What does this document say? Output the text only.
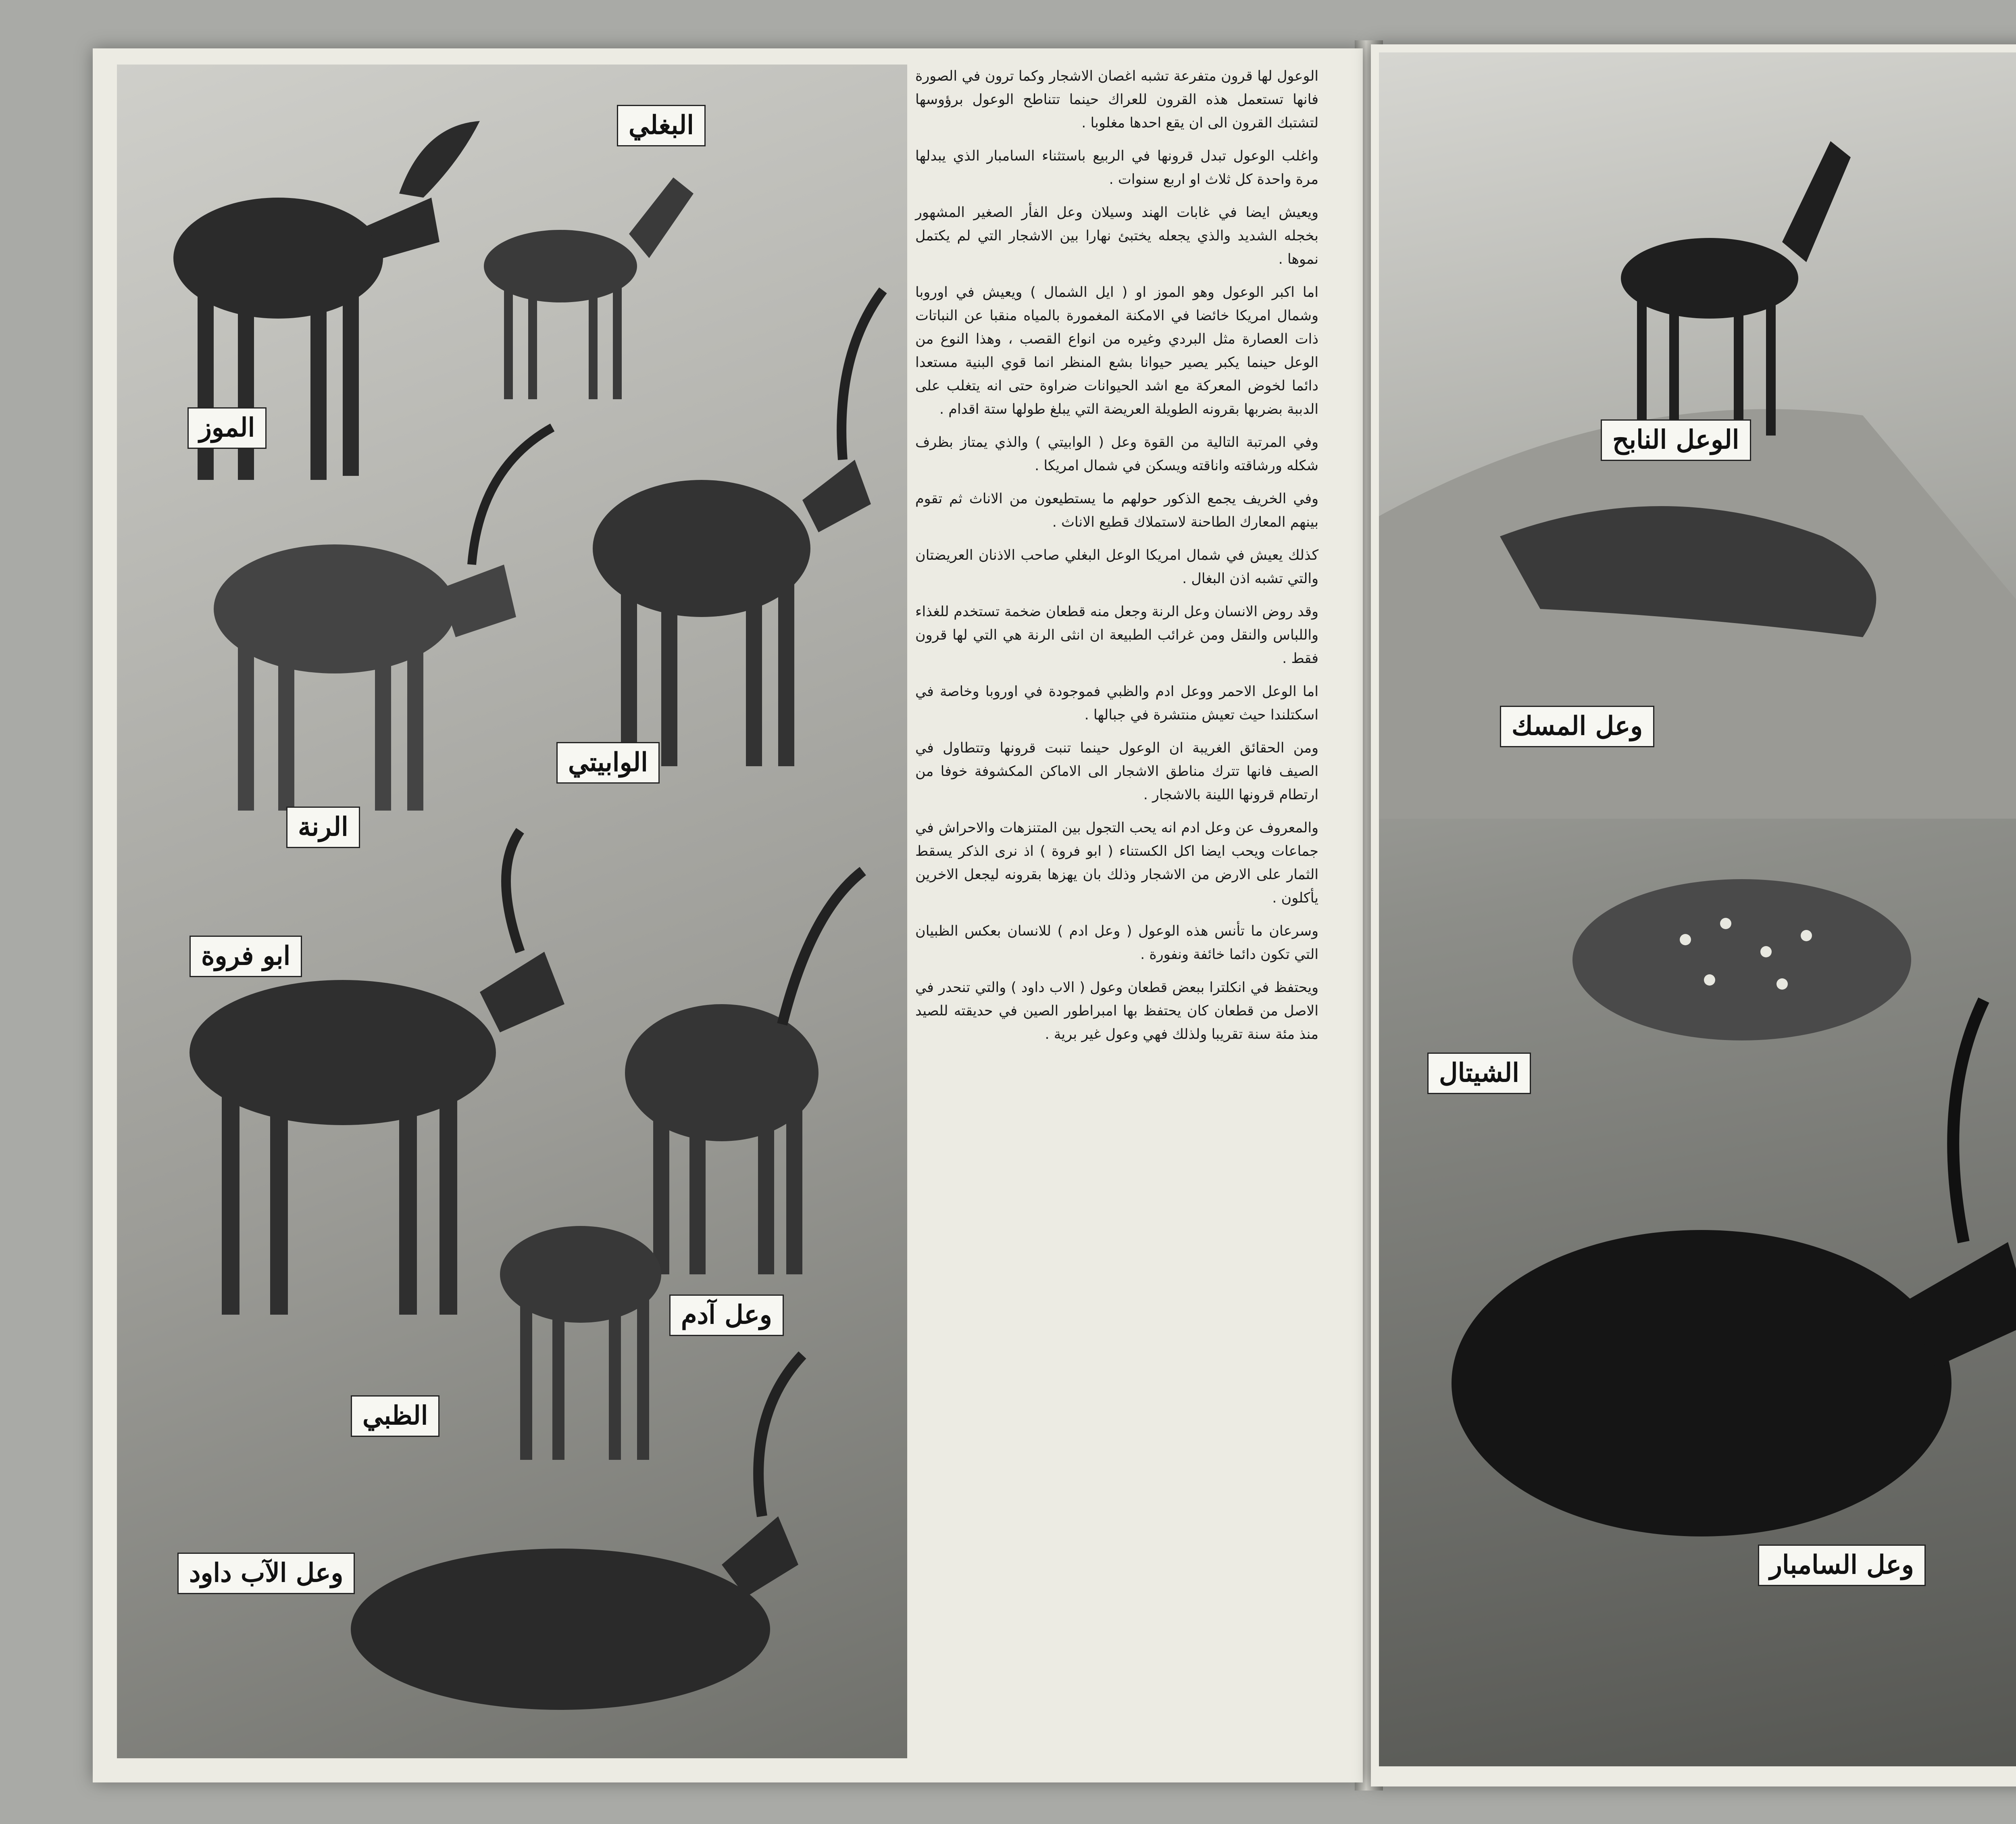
البغلي
الموز
الوابيتي
الرنة
ابو فروة
وعل آدم
الظبي
وعل الآب داود

الوعول لها قرون متفرعة تشبه اغصان الاشجار وكما ترون في الصورة فانها تستعمل هذه القرون للعراك حينما تتناطح الوعول برؤوسها لتشتبك القرون الى ان يقع احدها مغلوبا .

واغلب الوعول تبدل قرونها في الربيع باستثناء السامبار الذي يبدلها مرة واحدة كل ثلاث او اربع سنوات .

ويعيش ايضا في غابات الهند وسيلان وعل الفأر الصغير المشهور بخجله الشديد والذي يجعله يختبئ نهارا بين الاشجار التي لم يكتمل نموها .

اما اكبر الوعول وهو الموز او ( ايل الشمال ) ويعيش في اوروبا وشمال امريكا خائضا في الامكنة المغمورة بالمياه منقبا عن النباتات ذات العصارة مثل البردي وغيره من انواع القصب ، وهذا النوع من الوعل حينما يكبر يصير حيوانا بشع المنظر انما قوي البنية مستعدا دائما لخوض المعركة مع اشد الحيوانات ضراوة حتى انه يتغلب على الدببة بضربها بقرونه الطويلة العريضة التي يبلغ طولها ستة اقدام .

وفي المرتبة التالية من القوة وعل ( الوابيتي ) والذي يمتاز بظرف شكله ورشاقته واناقته ويسكن في شمال امريكا .

وفي الخريف يجمع الذكور حولهم ما يستطيعون من الاناث ثم تقوم بينهم المعارك الطاحنة لاستملاك قطيع الاناث .

كذلك يعيش في شمال امريكا الوعل البغلي صاحب الاذنان العريضتان والتي تشبه اذن البغال .

وقد روض الانسان وعل الرنة وجعل منه قطعان ضخمة تستخدم للغذاء واللباس والنقل ومن غرائب الطبيعة ان انثى الرنة هي التي لها قرون فقط .

اما الوعل الاحمر ووعل ادم والظبي فموجودة في اوروبا وخاصة في اسكتلندا حيث تعيش منتشرة في جبالها .

ومن الحقائق الغريبة ان الوعول حينما تنبت قرونها وتتطاول في الصيف فانها تترك مناطق الاشجار الى الاماكن المكشوفة خوفا من ارتطام قرونها اللينة بالاشجار .

والمعروف عن وعل ادم انه يحب التجول بين المتنزهات والاحراش في جماعات ويحب ايضا اكل الكستناء ( ابو فروة ) اذ نرى الذكر يسقط الثمار على الارض من الاشجار وذلك بان يهزها بقرونه ليجعل الاخرين يأكلون .

وسرعان ما تأنس هذه الوعول ( وعل ادم ) للانسان بعكس الظبيان التي تكون دائما خائفة ونفورة .

ويحتفظ في انكلترا ببعض قطعان وعول ( الاب داود ) والتي تنحدر في الاصل من قطعان كان يحتفظ بها امبراطور الصين في حديقته للصيد منذ مئة سنة تقريبا ولذلك فهي وعول غير برية .

الوعل النابح
وعل المسك
الشيتال
وعل السامبار
